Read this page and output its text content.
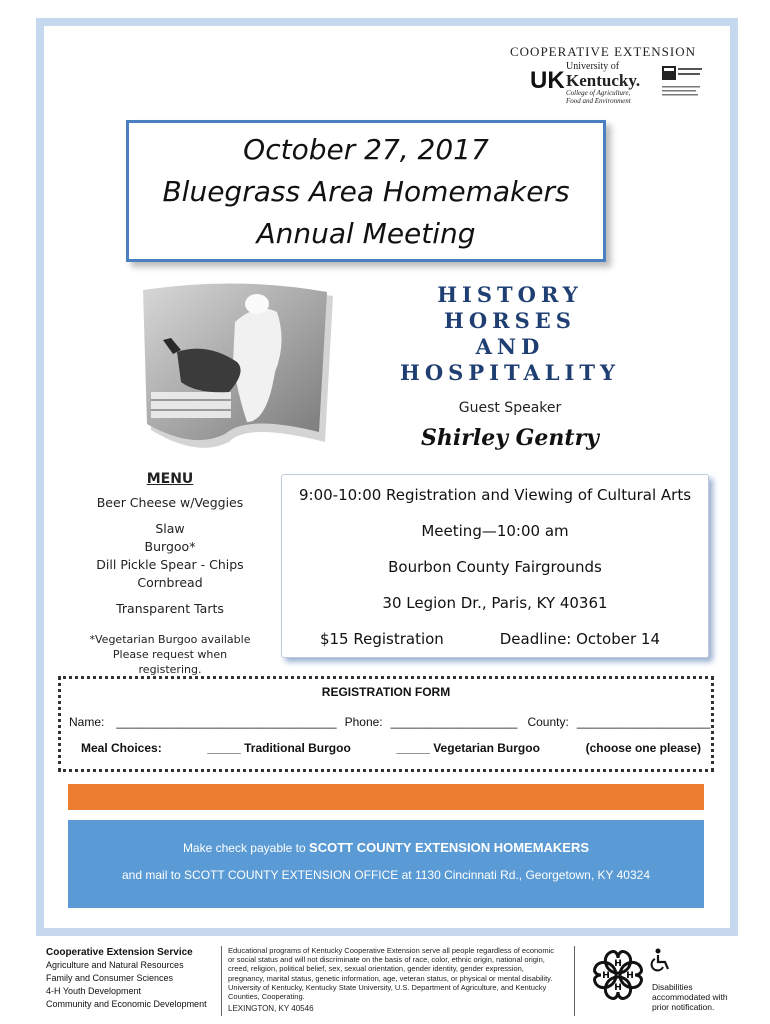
COOPERATIVE EXTENSION
UK
University of
Kentucky.
College of Agriculture,
Food and Environment
October 27, 2017
Bluegrass Area Homemakers
Annual Meeting
HISTORY
HORSES
AND
HOSPITALITY
Guest Speaker
Shirley Gentry
MENU
Beer Cheese w/Veggies
Slaw
Burgoo*
Dill Pickle Spear - Chips
Cornbread
Transparent Tarts
*Vegetarian Burgoo available
Please request when registering.
9:00-10:00 Registration and Viewing of Cultural Arts
Meeting—10:00 am
Bourbon County Fairgrounds
30 Legion Dr., Paris, KY 40361
$15 Registration	Deadline: October 14
REGISTRATION FORM
Name: _________________________________ Phone: ___________________ County: ____________________
Meal Choices:	_____ Traditional Burgoo	_____ Vegetarian Burgoo	(choose one please)
Make check payable to SCOTT COUNTY EXTENSION HOMEMAKERS
and mail to SCOTT COUNTY EXTENSION OFFICE at 1130 Cincinnati Rd., Georgetown, KY 40324
Cooperative Extension Service
Agriculture and Natural Resources
Family and Consumer Sciences
4-H Youth Development
Community and Economic Development
Educational programs of Kentucky Cooperative Extension serve all people regardless of economic or social status and will not discriminate on the basis of race, color, ethnic origin, national origin, creed, religion, political belief, sex, sexual orientation, gender identity, gender expression, pregnancy, marital status, genetic information, age, veteran status, or physical or mental disability. University of Kentucky, Kentucky State University, U.S. Department of Agriculture, and Kentucky Counties, Cooperating.
LEXINGTON, KY 40546
H
H
H H
Disabilities accommodated with prior notification.
